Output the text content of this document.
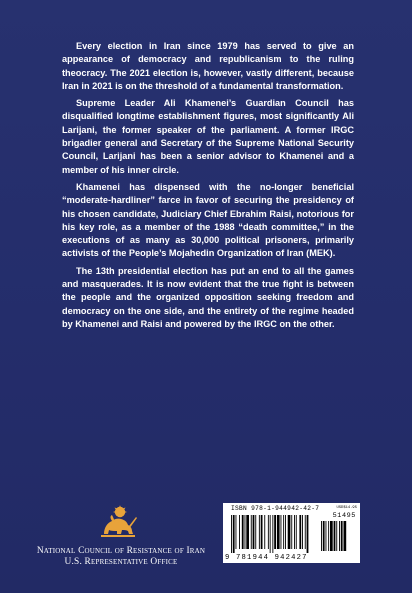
Every election in Iran since 1979 has served to give an appearance of democracy and republicanism to the ruling theocracy. The 2021 election is, however, vastly different, because Iran in 2021 is on the threshold of a fundamental transformation.

Supreme Leader Ali Khamenei’s Guardian Council has disqualified longtime establishment figures, most significantly Ali Larijani, the former speaker of the parliament. A former IRGC brigadier general and Secretary of the Supreme National Security Council, Larijani has been a senior advisor to Khamenei and a member of his inner circle.

Khamenei has dispensed with the no-longer beneficial “moderate-hardliner” farce in favor of securing the presidency of his chosen candidate, Judiciary Chief Ebrahim Raisi, notorious for his key role, as a member of the 1988 “death committee,” in the executions of as many as 30,000 political prisoners, primarily activists of the People’s Mojahedin Organization of Iran (MEK).

The 13th presidential election has put an end to all the games and masquerades. It is now evident that the true fight is between the people and the organized opposition seeking freedom and democracy on the one side, and the entirety of the regime headed by Khamenei and Raisi and powered by the IRGC on the other.

National Council of Resistance of Iran
U.S. Representative Office
ISBN 978-1-944942-42-7	USD$14.95
51495
9 781944 942427
